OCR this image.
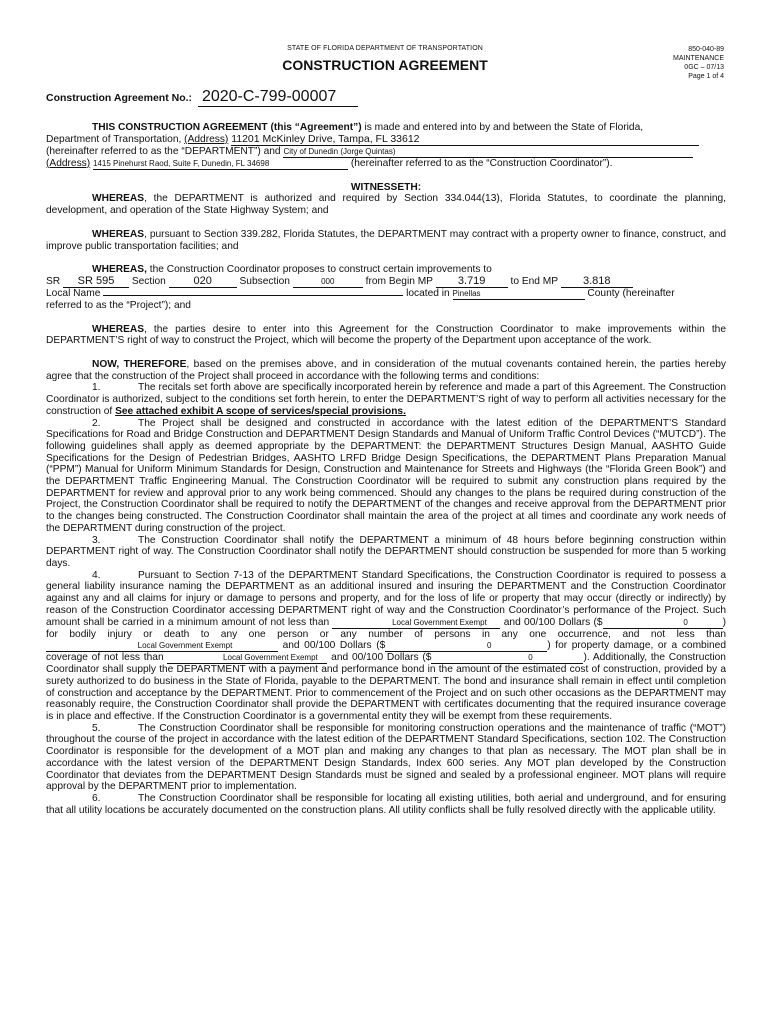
STATE OF FLORIDA DEPARTMENT OF TRANSPORTATION
CONSTRUCTION AGREEMENT
850-040-89
MAINTENANCE
0GC – 07/13
Page 1 of 4
Construction Agreement No.: 2020-C-799-00007

THIS CONSTRUCTION AGREEMENT (this “Agreement”) is made and entered into by and between the State of Florida,

Department of Transportation, (Address) 11201 McKinley Drive, Tampa, FL 33612

(hereinafter referred to as the “DEPARTMENT”) and City of Dunedin (Jorge Quintas)

(Address) 1415 Pinehurst Raod, Suite F, Dunedin, FL 34698	(hereinafter referred to as the “Construction Coordinator”).

WITNESSETH:

WHEREAS, the DEPARTMENT is authorized and required by Section 334.044(13), Florida Statutes, to coordinate the planning, development, and operation of the State Highway System; and

WHEREAS, pursuant to Section 339.282, Florida Statutes, the DEPARTMENT may contract with a property owner to finance, construct, and improve public transportation facilities; and

WHEREAS, the Construction Coordinator proposes to construct certain improvements to

SR SR 595 Section	020	Subsection	000	from Begin MP 3.719 to End MP 3.818

Local Name	located in Pinellas	County (hereinafter

referred to as the “Project”); and

WHEREAS, the parties desire to enter into this Agreement for the Construction Coordinator to make improvements within the DEPARTMENT’S right of way to construct the Project, which will become the property of the Department upon acceptance of the work.

NOW, THEREFORE, based on the premises above, and in consideration of the mutual covenants contained herein, the parties hereby agree that the construction of the Project shall proceed in accordance with the following terms and conditions:

1.	The recitals set forth above are specifically incorporated herein by reference and made a part of this Agreement. The Construction Coordinator is authorized, subject to the conditions set forth herein, to enter the DEPARTMENT’S right of way to perform all activities necessary for the construction of See attached exhibit A scope of services/special provisions.

2.	The Project shall be designed and constructed in accordance with the latest edition of the DEPARTMENT’S Standard Specifications for Road and Bridge Construction and DEPARTMENT Design Standards and Manual of Uniform Traffic Control Devices (“MUTCD”). The following guidelines shall apply as deemed appropriate by the DEPARTMENT: the DEPARTMENT Structures Design Manual, AASHTO Guide Specifications for the Design of Pedestrian Bridges, AASHTO LRFD Bridge Design Specifications, the DEPARTMENT Plans Preparation Manual (“PPM”) Manual for Uniform Minimum Standards for Design, Construction and Maintenance for Streets and Highways (the “Florida Green Book”) and the DEPARTMENT Traffic Engineering Manual. The Construction Coordinator will be required to submit any construction plans required by the DEPARTMENT for review and approval prior to any work being commenced. Should any changes to the plans be required during construction of the Project, the Construction Coordinator shall be required to notify the DEPARTMENT of the changes and receive approval from the DEPARTMENT prior to the changes being constructed. The Construction Coordinator shall maintain the area of the project at all times and coordinate any work needs of the DEPARTMENT during construction of the project.

3.	The Construction Coordinator shall notify the DEPARTMENT a minimum of 48 hours before beginning construction within DEPARTMENT right of way. The Construction Coordinator shall notify the DEPARTMENT should construction be suspended for more than 5 working days.

4.	Pursuant to Section 7-13 of the DEPARTMENT Standard Specifications, the Construction Coordinator is required to possess a general liability insurance naming the DEPARTMENT as an additional insured and insuring the DEPARTMENT and the Construction Coordinator against any and all claims for injury or damage to persons and property, and for the loss of life or property that may occur (directly or indirectly) by reason of the Construction Coordinator accessing DEPARTMENT right of way and the Construction Coordinator’s performance of the Project. Such amount shall be carried in a minimum amount of not less than	Local Government Exempt and 00/100 Dollars ($	0	) for bodily injury or death to any one person or any number of persons in any one occurrence, and not less than Local Government Exempt	and 00/100 Dollars ($	0	) for property damage, or a combined coverage of not less than	Local Government Exempt and 00/100 Dollars ($	0	). Additionally, the Construction Coordinator shall supply the DEPARTMENT with a payment and performance bond in the amount of the estimated cost of construction, provided by a surety authorized to do business in the State of Florida, payable to the DEPARTMENT. The bond and insurance shall remain in effect until completion of construction and acceptance by the DEPARTMENT. Prior to commencement of the Project and on such other occasions as the DEPARTMENT may reasonably require, the Construction Coordinator shall provide the DEPARTMENT with certificates documenting that the required insurance coverage is in place and effective. If the Construction Coordinator is a governmental entity they will be exempt from these requirements.

5.	The Construction Coordinator shall be responsible for monitoring construction operations and the maintenance of traffic (“MOT”) throughout the course of the project in accordance with the latest edition of the DEPARTMENT Standard Specifications, section 102. The Construction Coordinator is responsible for the development of a MOT plan and making any changes to that plan as necessary. The MOT plan shall be in accordance with the latest version of the DEPARTMENT Design Standards, Index 600 series. Any MOT plan developed by the Construction Coordinator that deviates from the DEPARTMENT Design Standards must be signed and sealed by a professional engineer. MOT plans will require approval by the DEPARTMENT prior to implementation.

6.	The Construction Coordinator shall be responsible for locating all existing utilities, both aerial and underground, and for ensuring that all utility locations be accurately documented on the construction plans. All utility conflicts shall be fully resolved directly with the applicable utility.
